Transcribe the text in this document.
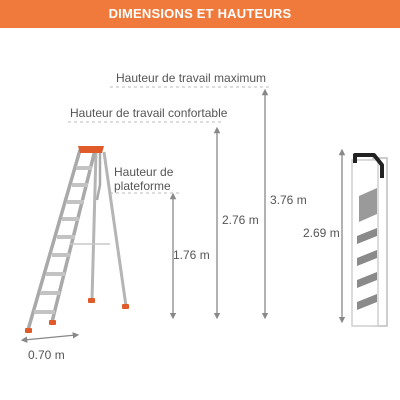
DIMENSIONS ET HAUTEURS
Hauteur de travail maximum
Hauteur de travail confortable
Hauteur de
plateforme
1.76 m
2.76 m
3.76 m
2.69 m
0.70 m
